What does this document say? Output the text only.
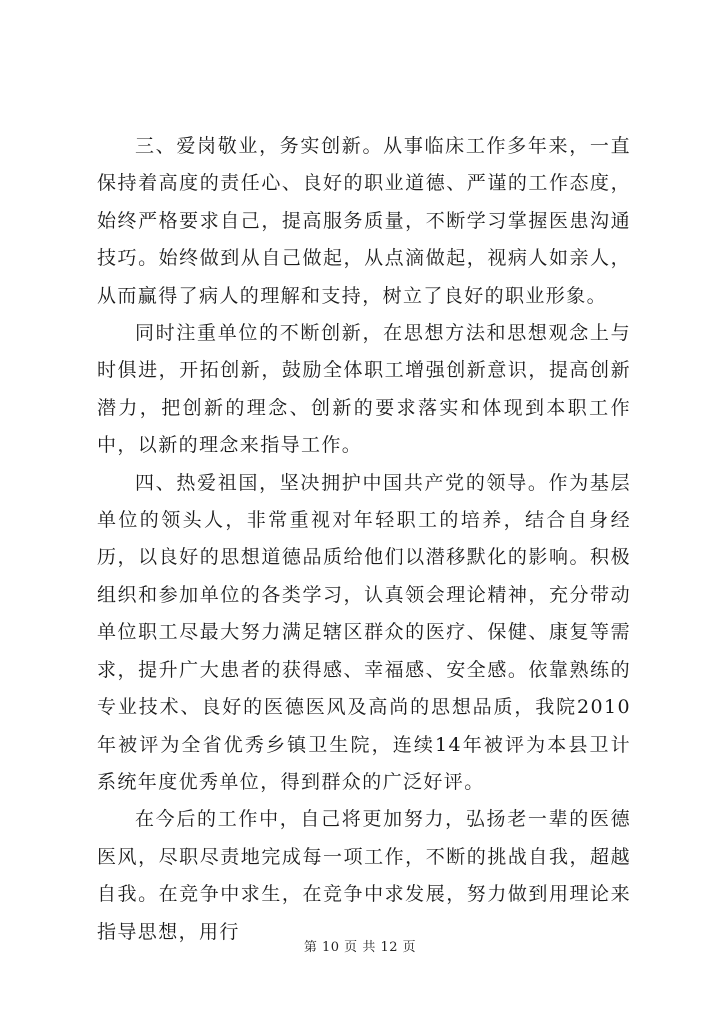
三、爱岗敬业，务实创新。从事临床工作多年来，一直保持着高度的责任心、良好的职业道德、严谨的工作态度，始终严格要求自己，提高服务质量，不断学习掌握医患沟通技巧。始终做到从自己做起，从点滴做起，视病人如亲人，从而赢得了病人的理解和支持，树立了良好的职业形象。

同时注重单位的不断创新，在思想方法和思想观念上与时俱进，开拓创新，鼓励全体职工增强创新意识，提高创新潜力，把创新的理念、创新的要求落实和体现到本职工作中，以新的理念来指导工作。

四、热爱祖国，坚决拥护中国共产党的领导。作为基层单位的领头人，非常重视对年轻职工的培养，结合自身经历，以良好的思想道德品质给他们以潜移默化的影响。积极组织和参加单位的各类学习，认真领会理论精神，充分带动单位职工尽最大努力满足辖区群众的医疗、保健、康复等需求，提升广大患者的获得感、幸福感、安全感。依靠熟练的专业技术、良好的医德医风及高尚的思想品质，我院2010年被评为全省优秀乡镇卫生院，连续14年被评为本县卫计系统年度优秀单位，得到群众的广泛好评。

在今后的工作中，自己将更加努力，弘扬老一辈的医德医风，尽职尽责地完成每一项工作，不断的挑战自我，超越自我。在竞争中求生，在竞争中求发展，努力做到用理论来指导思想，用行

第 10 页 共 12 页
